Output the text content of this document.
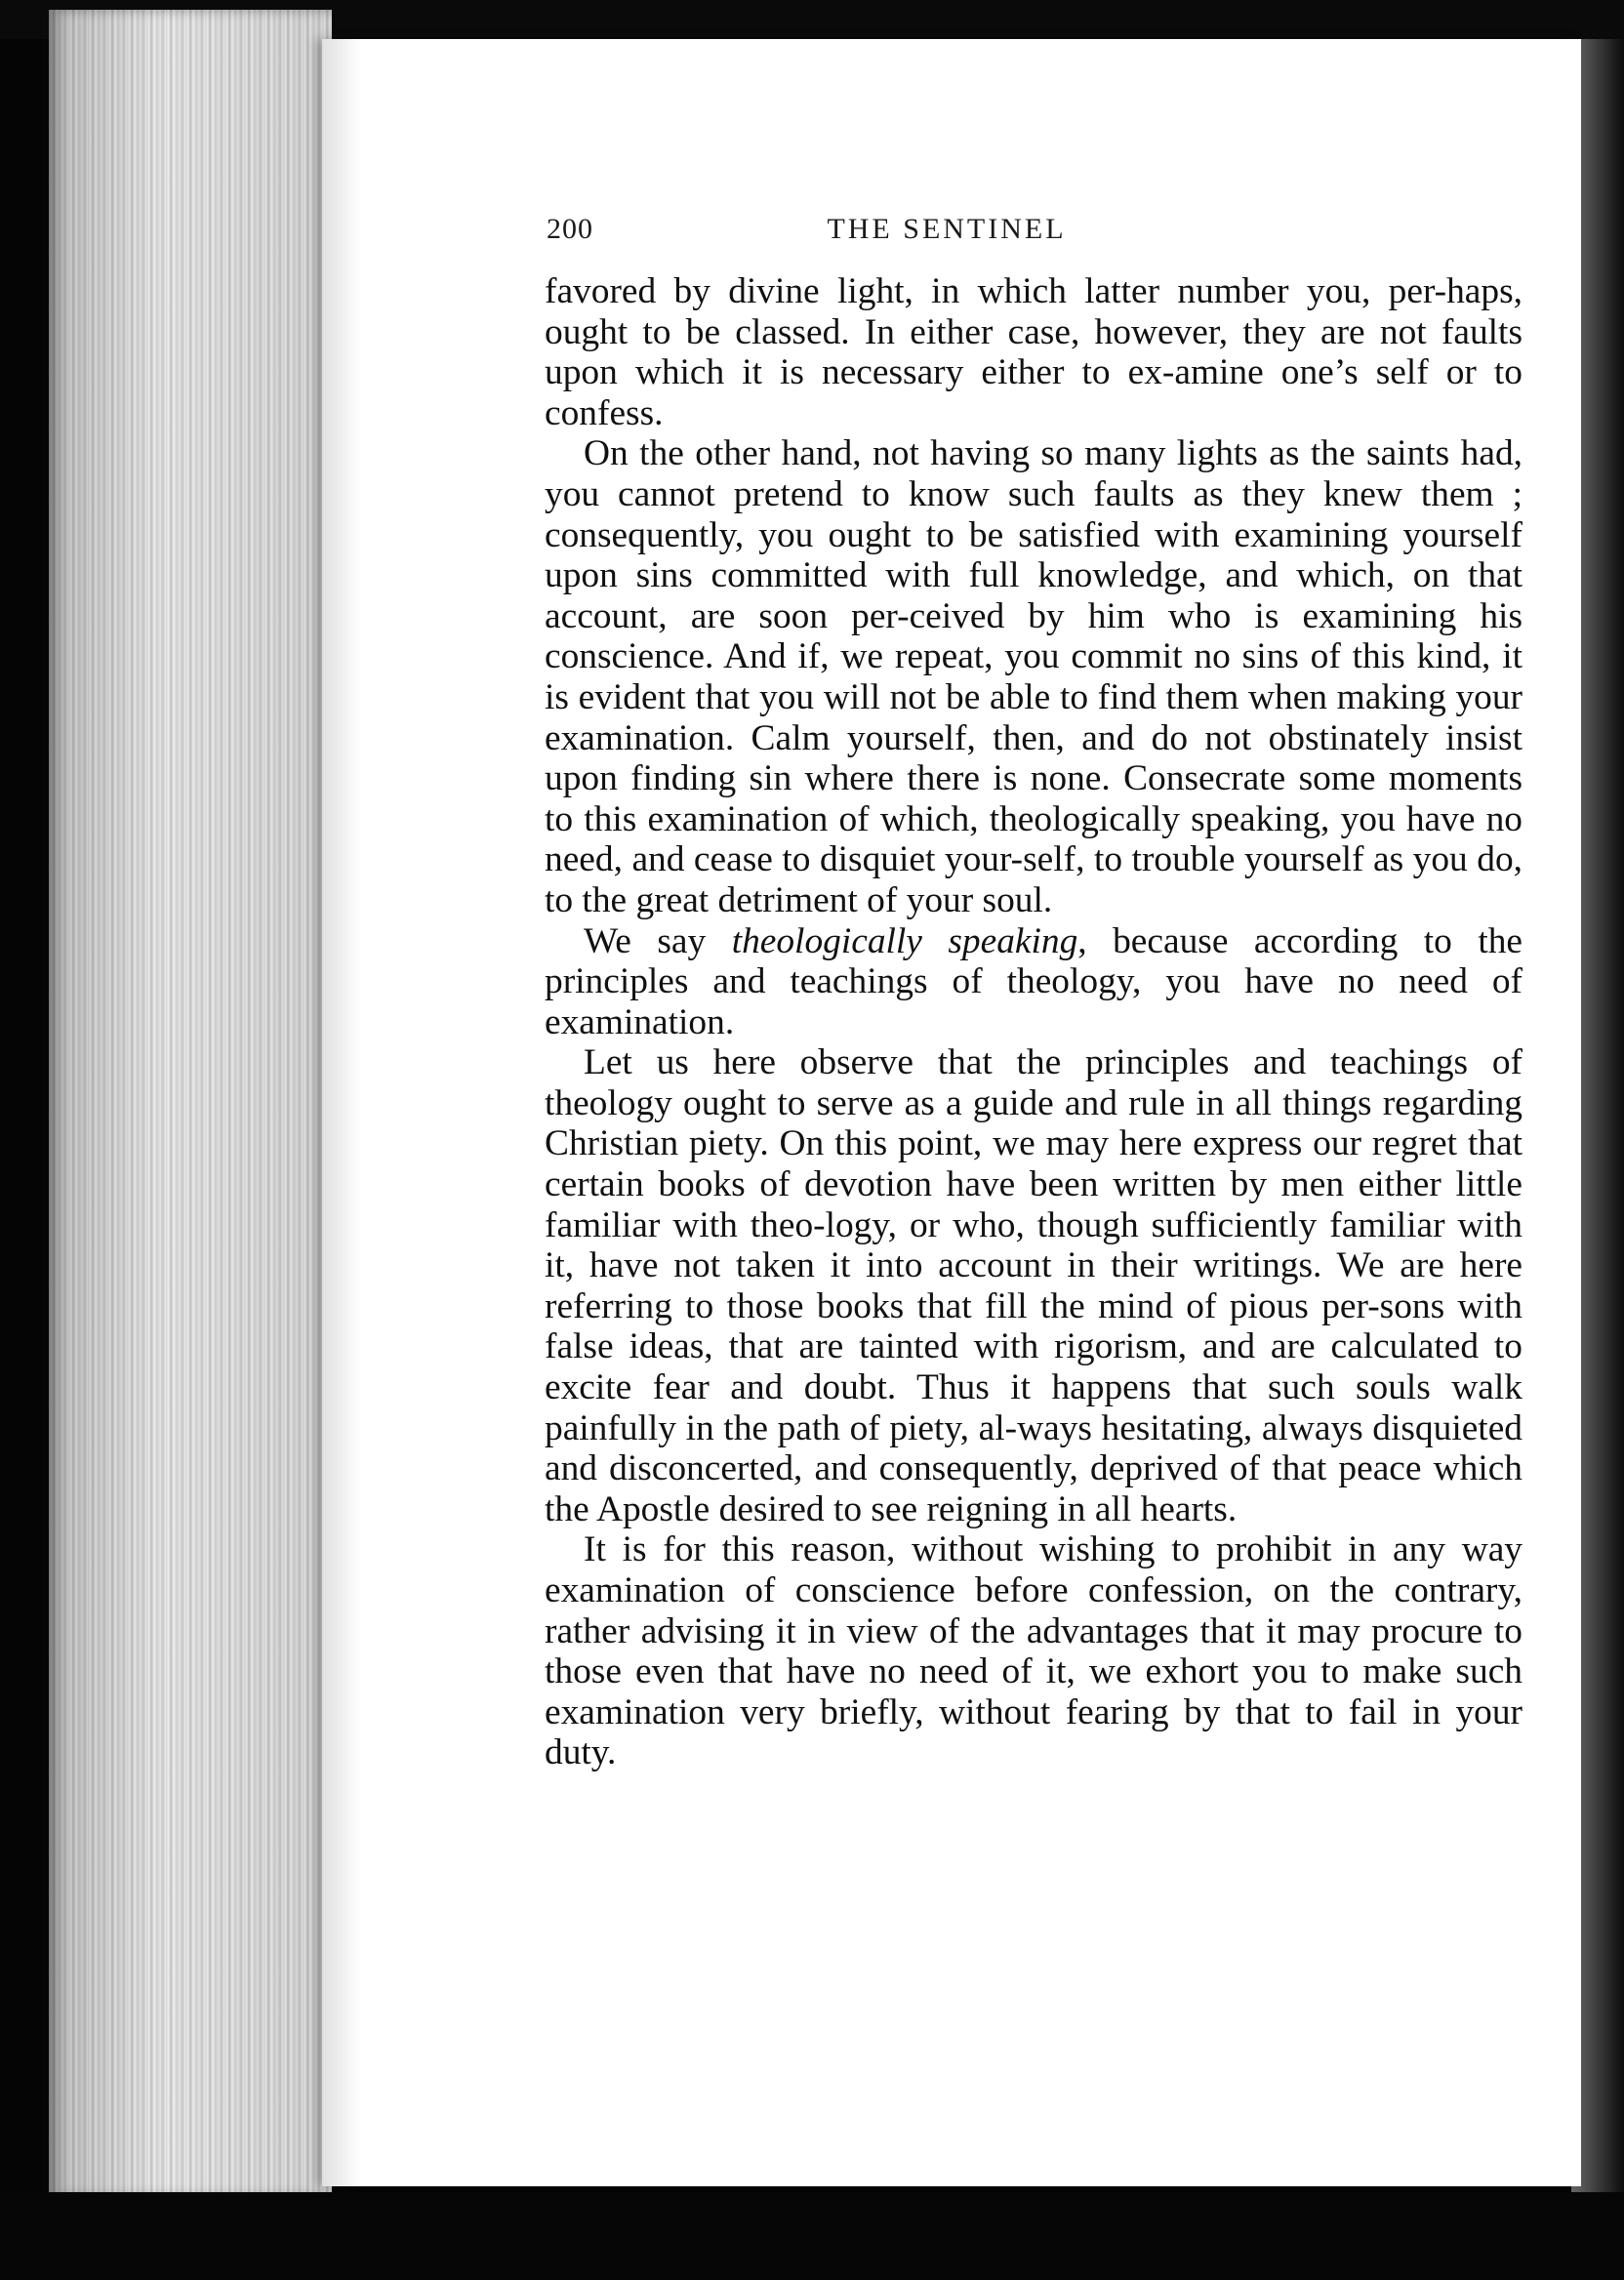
200	THE SENTINEL

favored by divine light, in which latter number you, per-haps, ought to be classed. In either case, however, they are not faults upon which it is necessary either to ex-amine one’s self or to confess.

On the other hand, not having so many lights as the saints had, you cannot pretend to know such faults as they knew them ; consequently, you ought to be satisfied with examining yourself upon sins committed with full knowledge, and which, on that account, are soon per-ceived by him who is examining his conscience. And if, we repeat, you commit no sins of this kind, it is evident that you will not be able to find them when making your examination. Calm yourself, then, and do not obstinately insist upon finding sin where there is none. Consecrate some moments to this examination of which, theologically speaking, you have no need, and cease to disquiet your-self, to trouble yourself as you do, to the great detriment of your soul.

We say theologically speaking, because according to the principles and teachings of theology, you have no need of examination.

Let us here observe that the principles and teachings of theology ought to serve as a guide and rule in all things regarding Christian piety. On this point, we may here express our regret that certain books of devotion have been written by men either little familiar with theo-logy, or who, though sufficiently familiar with it, have not taken it into account in their writings. We are here referring to those books that fill the mind of pious per-sons with false ideas, that are tainted with rigorism, and are calculated to excite fear and doubt. Thus it happens that such souls walk painfully in the path of piety, al-ways hesitating, always disquieted and disconcerted, and consequently, deprived of that peace which the Apostle desired to see reigning in all hearts.

It is for this reason, without wishing to prohibit in any way examination of conscience before confession, on the contrary, rather advising it in view of the advantages that it may procure to those even that have no need of it, we exhort you to make such examination very briefly, without fearing by that to fail in your duty.
